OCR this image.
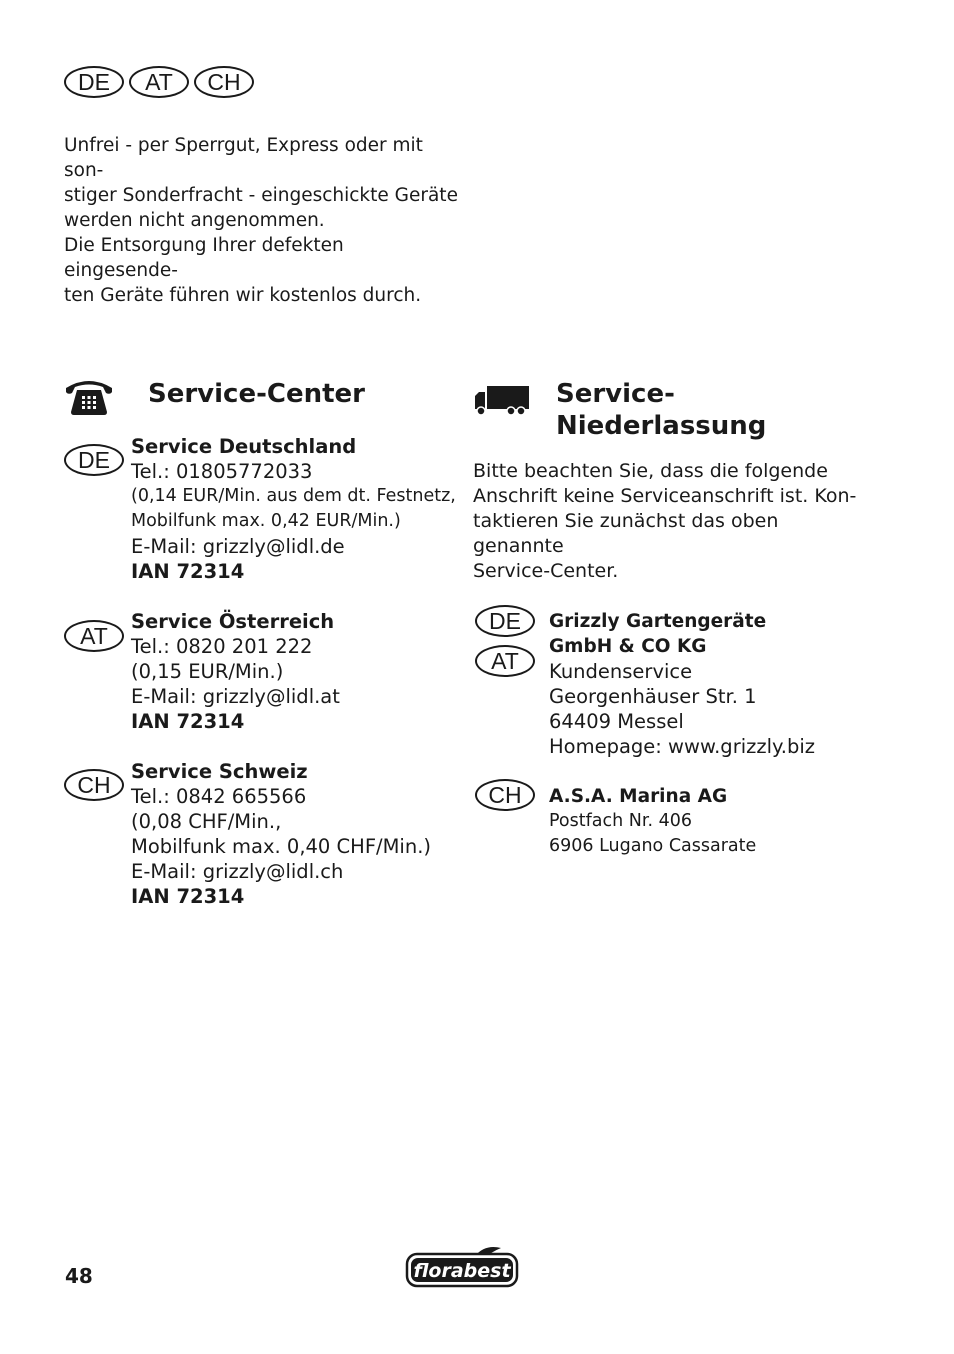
DE	AT	CH

Unfrei - per Sperrgut, Express oder mit son-
stiger Sonderfracht - eingeschickte Geräte
werden nicht angenommen.

Die Entsorgung Ihrer defekten eingesende-
ten Geräte führen wir kostenlos durch.

Service-Center
DE
Service Deutschland
Tel.: 01805772033
(0,14 EUR/Min. aus dem dt. Festnetz,
Mobilfunk max. 0,42 EUR/Min.)
E-Mail: grizzly@lidl.de
IAN 72314
AT
Service Österreich
Tel.: 0820 201 222
(0,15 EUR/Min.)
E-Mail: grizzly@lidl.at
IAN 72314
CH
Service Schweiz
Tel.: 0842 665566
(0,08 CHF/Min.,
Mobilfunk max. 0,40 CHF/Min.)
E-Mail: grizzly@lidl.ch
IAN 72314
Service-
Niederlassung
Bitte beachten Sie, dass die folgende
Anschrift keine Serviceanschrift ist. Kon-
taktieren Sie zunächst das oben genannte
Service-Center.
DE
AT
Grizzly Gartengeräte
GmbH & CO KG
Kundenservice
Georgenhäuser Str. 1
64409 Messel
Homepage: www.grizzly.biz
CH	A.S.A. Marina AG
Postfach Nr. 406
6906 Lugano Cassarate
48	florabest
